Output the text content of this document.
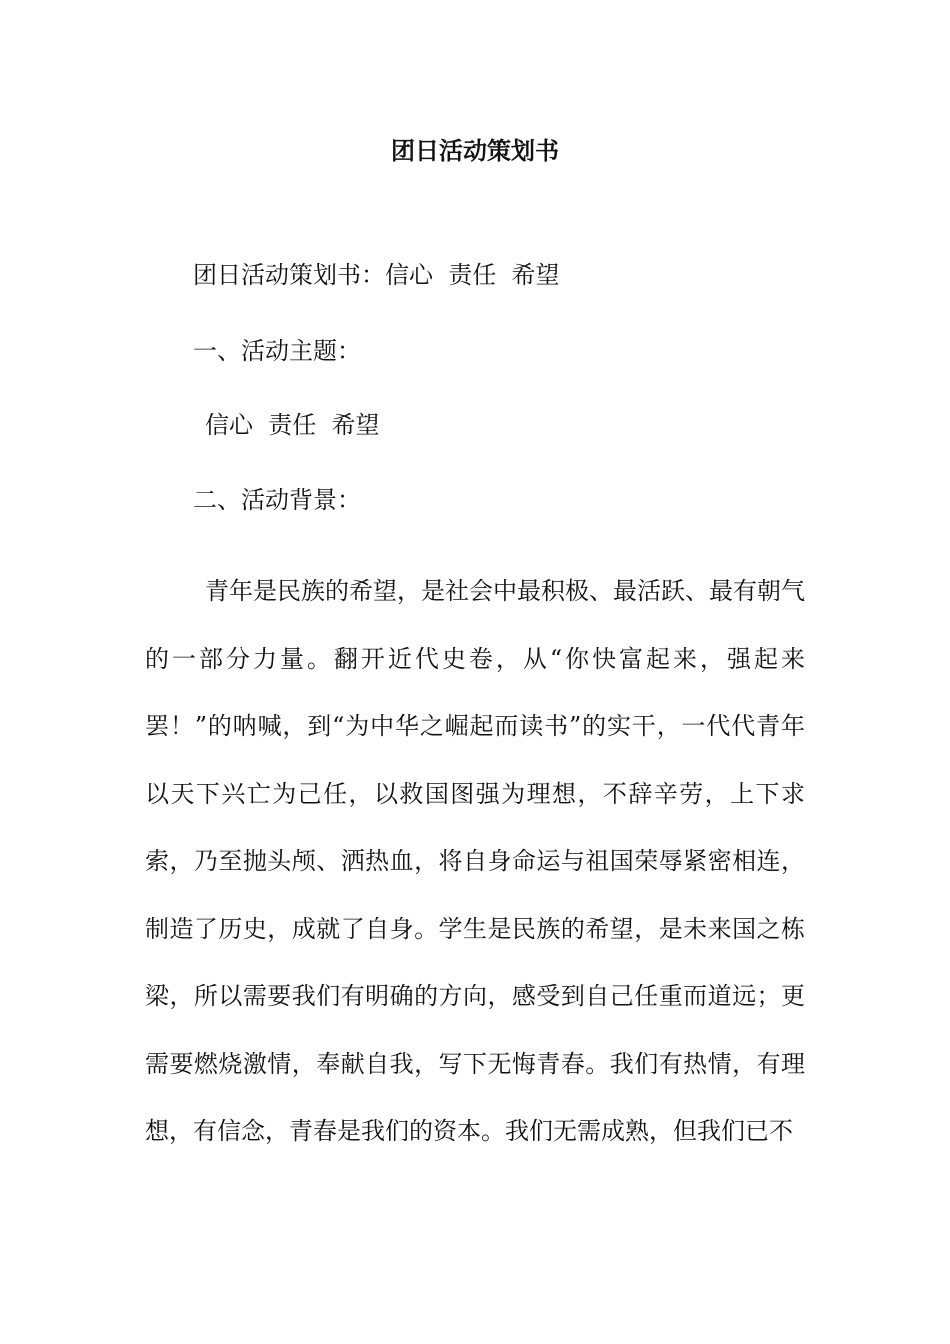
团日活动策划书
团日活动策划书：信心  责任  希望
一、活动主题：
信心  责任  希望
二、活动背景：
青年是民族的希望，是社会中最积极、最活跃、最有朝气的一部分力量。翻开近代史卷，从“你快富起来，强起来罢！”的呐喊，到“为中华之崛起而读书”的实干，一代代青年以天下兴亡为己任，以救国图强为理想，不辞辛劳，上下求索，乃至抛头颅、洒热血，将自身命运与祖国荣辱紧密相连，制造了历史，成就了自身。学生是民族的希望，是未来国之栋梁，所以需要我们有明确的方向，感受到自己任重而道远；更需要燃烧激情，奉献自我，写下无悔青春。我们有热情，有理想，有信念，青春是我们的资本。我们无需成熟，但我们已不
